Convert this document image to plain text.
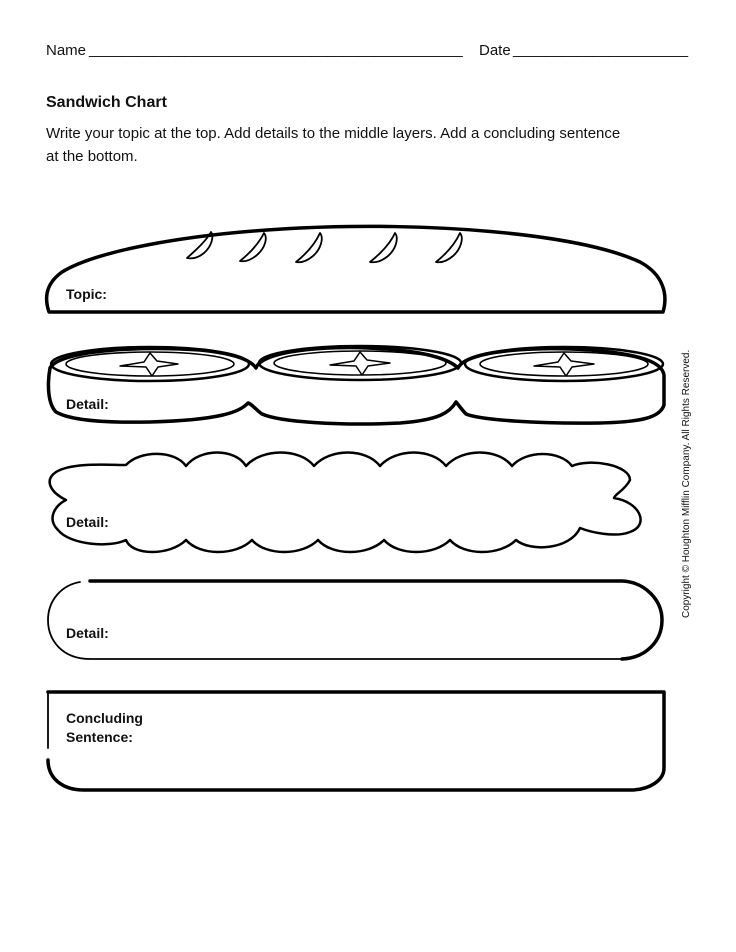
Name _______________________________________________ Date ______________________
Sandwich Chart
Write your topic at the top. Add details to the middle layers. Add a concluding sentence
at the bottom.
Topic:
Detail:
Detail:
Detail:
Concluding
Sentence:
Copyright © Houghton Mifflin Company. All Rights Reserved.
